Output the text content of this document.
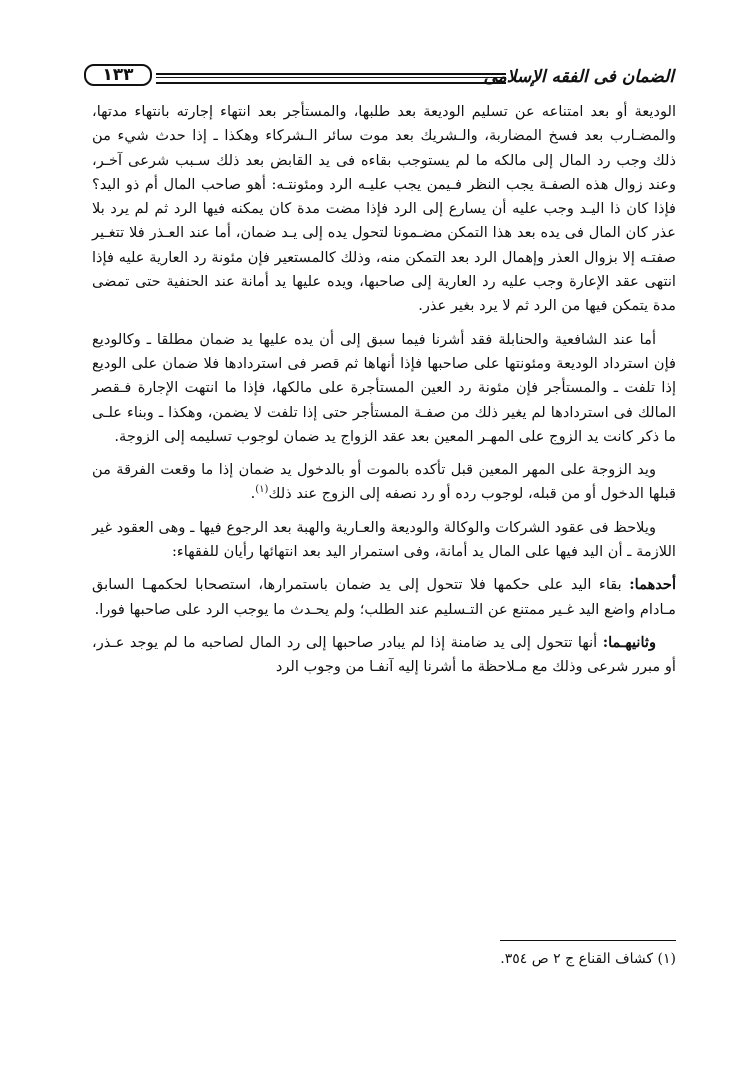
الضمان فى الفقه الإسلامى
١٣٣

الوديعة أو بعد امتناعه عن تسليم الوديعة بعد طلبها، والمستأجر بعد انتهاء إجارته بانتهاء مدتها، والمضـارب بعد فسخ المضاربة، والـشريك بعد موت سائر الـشركاء وهكذا ـ إذا حدث شيء من ذلك وجب رد المال إلى مالكه ما لم يستوجب بقاءه فى يد القابض بعد ذلك سـبب شرعى آخـر، وعند زوال هذه الصفـة يجب النظر فـيمن يجب عليـه الرد ومئونتـه: أهو صاحب المال أم ذو اليد؟ فإذا كان ذا اليـد وجب عليه أن يسارع إلى الرد فإذا مضت مدة كان يمكنه فيها الرد ثم لم يرد بلا عذر كان المال فى يده بعد هذا التمكن مضـمونا لتحول يده إلى يـد ضمان، أما عند العـذر فلا تتغـير صفتـه إلا بزوال العذر وإهمال الرد بعد التمكن منه، وذلك كالمستعير فإن مئونة رد العارية عليه فإذا انتهى عقد الإعارة وجب عليه رد العارية إلى صاحبها، ويده عليها يد أمانة عند الحنفية حتى تمضى مدة يتمكن فيها من الرد ثم لا يرد بغير عذر.

أما عند الشافعية والحنابلة فقد أشرنا فيما سبق إلى أن يده عليها يد ضمان مطلقا ـ وكالوديع فإن استرداد الوديعة ومئونتها على صاحبها فإذا أنهاها ثم قصر فى استردادها فلا ضمان على الوديع إذا تلفت ـ والمستأجر فإن مئونة رد العين المستأجرة على مالكها، فإذا ما انتهت الإجارة فـقصر المالك فى استردادها لم يغير ذلك من صفـة المستأجر حتى إذا تلفت لا يضمن، وهكذا ـ وبناء علـى ما ذكر كانت يد الزوج على المهـر المعين بعد عقد الزواج يد ضمان لوجوب تسليمه إلى الزوجة.

ويد الزوجة على المهر المعين قبل تأكده بالموت أو بالدخول يد ضمان إذا ما وقعت الفرقة من قبلها الدخول أو من قبله، لوجوب رده أو رد نصفه إلى الزوج عند ذلك$^{(١)}$.

ويلاحظ فى عقود الشركات والوكالة والوديعة والعـارية والهبة بعد الرجوع فيها ـ وهى العقود غير اللازمة ـ أن اليد فيها على المال يد أمانة، وفى استمرار اليد بعد انتهائها رأيان للفقهاء:

أحدهما: بقاء اليد على حكمها فلا تتحول إلى يد ضمان باستمرارها، استصحابا لحكمهـا السابق مـادام واضع اليد غـير ممتنع عن التـسليم عند الطلب؛ ولم يحـدث ما يوجب الرد على صاحبها فورا.

وثانيهـما: أنها تتحول إلى يد ضامنة إذا لم يبادر صاحبها إلى رد المال لصاحبه ما لم يوجد عـذر، أو مبرر شرعى وذلك مع مـلاحظة ما أشرنا إليه آنفـا من وجوب الرد

(١) كشاف القناع ج ٢ ص ٣٥٤.
